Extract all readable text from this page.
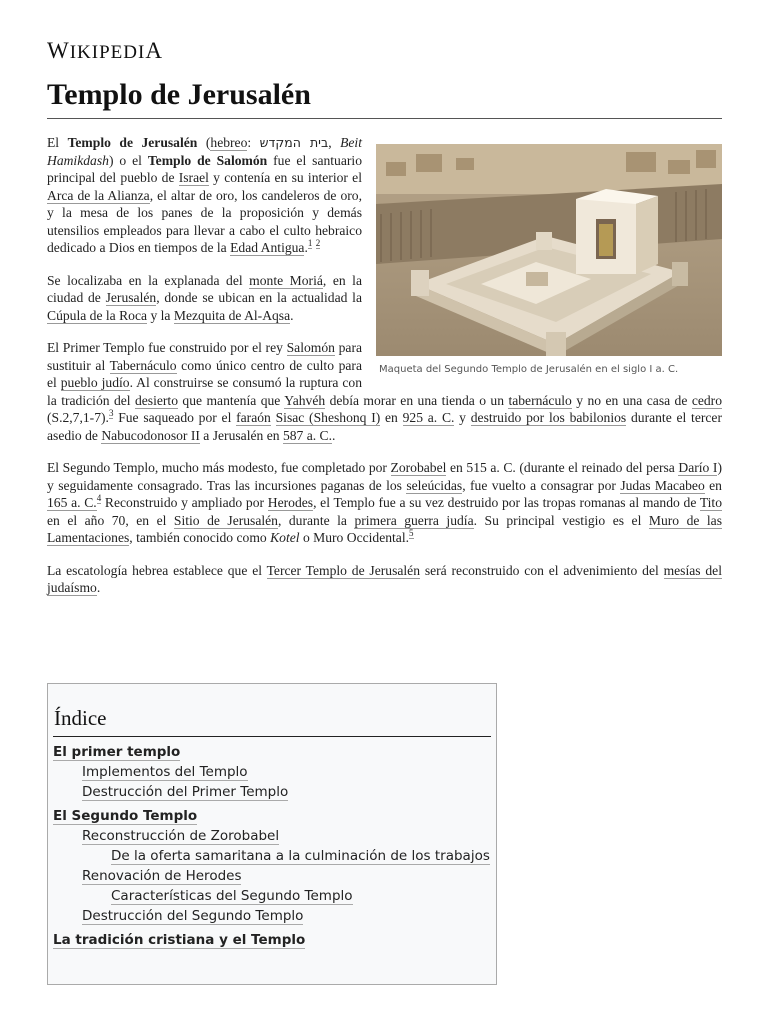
WIKIPEDIA
Templo de Jerusalén
Maqueta del Segundo Templo de Jerusalén en el siglo I a. C.

El Templo de Jerusalén (hebreo: בית המקדש, Beit Hamikdash) o el Templo de Salomón fue el santuario principal del pueblo de Israel y contenía en su interior el Arca de la Alianza, el altar de oro, los candeleros de oro, y la mesa de los panes de la proposición y demás utensilios empleados para llevar a cabo el culto hebraico dedicado a Dios en tiempos de la Edad Antigua.$^1$ $^2$

Se localizaba en la explanada del monte Moriá, en la ciudad de Jerusalén, donde se ubican en la actualidad la Cúpula de la Roca y la Mezquita de Al-Aqsa.

El Primer Templo fue construido por el rey Salomón para sustituir al Tabernáculo como único centro de culto para el pueblo judío. Al construirse se consumó la ruptura con la tradición del desierto que mantenía que Yahvéh debía morar en una tienda o un tabernáculo y no en una casa de cedro (S.2,7,1-7).$^3$ Fue saqueado por el faraón Sisac (Sheshonq I) en 925 a. C. y destruido por los babilonios durante el tercer asedio de Nabucodonosor II a Jerusalén en 587 a. C..

El Segundo Templo, mucho más modesto, fue completado por Zorobabel en 515 a. C. (durante el reinado del persa Darío I) y seguidamente consagrado. Tras las incursiones paganas de los seleúcidas, fue vuelto a consagrar por Judas Macabeo en 165 a. C.$^4$ Reconstruido y ampliado por Herodes, el Templo fue a su vez destruido por las tropas romanas al mando de Tito en el año 70, en el Sitio de Jerusalén, durante la primera guerra judía. Su principal vestigio es el Muro de las Lamentaciones, también conocido como Kotel o Muro Occidental.$^5$

La escatología hebrea establece que el Tercer Templo de Jerusalén será reconstruido con el advenimiento del mesías del judaísmo.

Índice
El primer templo
Implementos del Templo
Destrucción del Primer Templo
El Segundo Templo
Reconstrucción de Zorobabel
De la oferta samaritana a la culminación de los trabajos
Renovación de Herodes
Características del Segundo Templo
Destrucción del Segundo Templo
La tradición cristiana y el Templo
